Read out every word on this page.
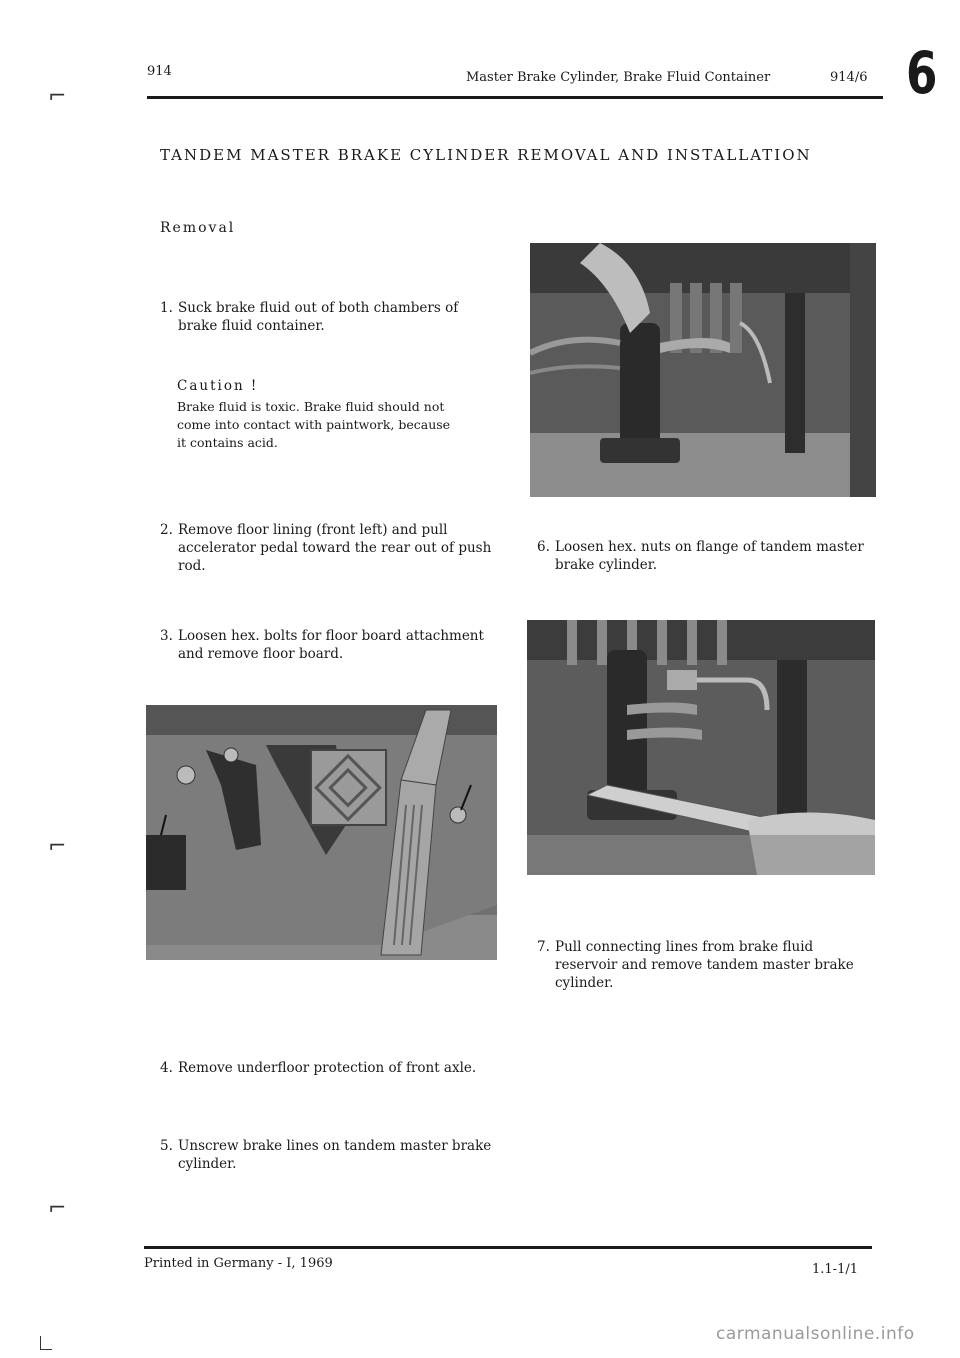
914	Master Brake Cylinder, Brake Fluid Container	914/6 6
⌐
⌐
⌐
TANDEM MASTER BRAKE CYLINDER REMOVAL AND INSTALLATION
Removal
1. Suck brake fluid out of both chambers of
brake fluid container.
Caution !
Brake fluid is toxic. Brake fluid should not
come into contact with paintwork, because
it contains acid.
2. Remove floor lining (front left) and pull
accelerator pedal toward the rear out of push
rod.
3. Loosen hex. bolts for floor board attachment
and remove floor board.
4. Remove underfloor protection of front axle.
5. Unscrew brake lines on tandem master brake
cylinder.
6. Loosen hex. nuts on flange of tandem master
brake cylinder.
7. Pull connecting lines from brake fluid
reservoir and remove tandem master brake
cylinder.
Printed in Germany - I, 1969	1.1-1/1
carmanualsonline.info
